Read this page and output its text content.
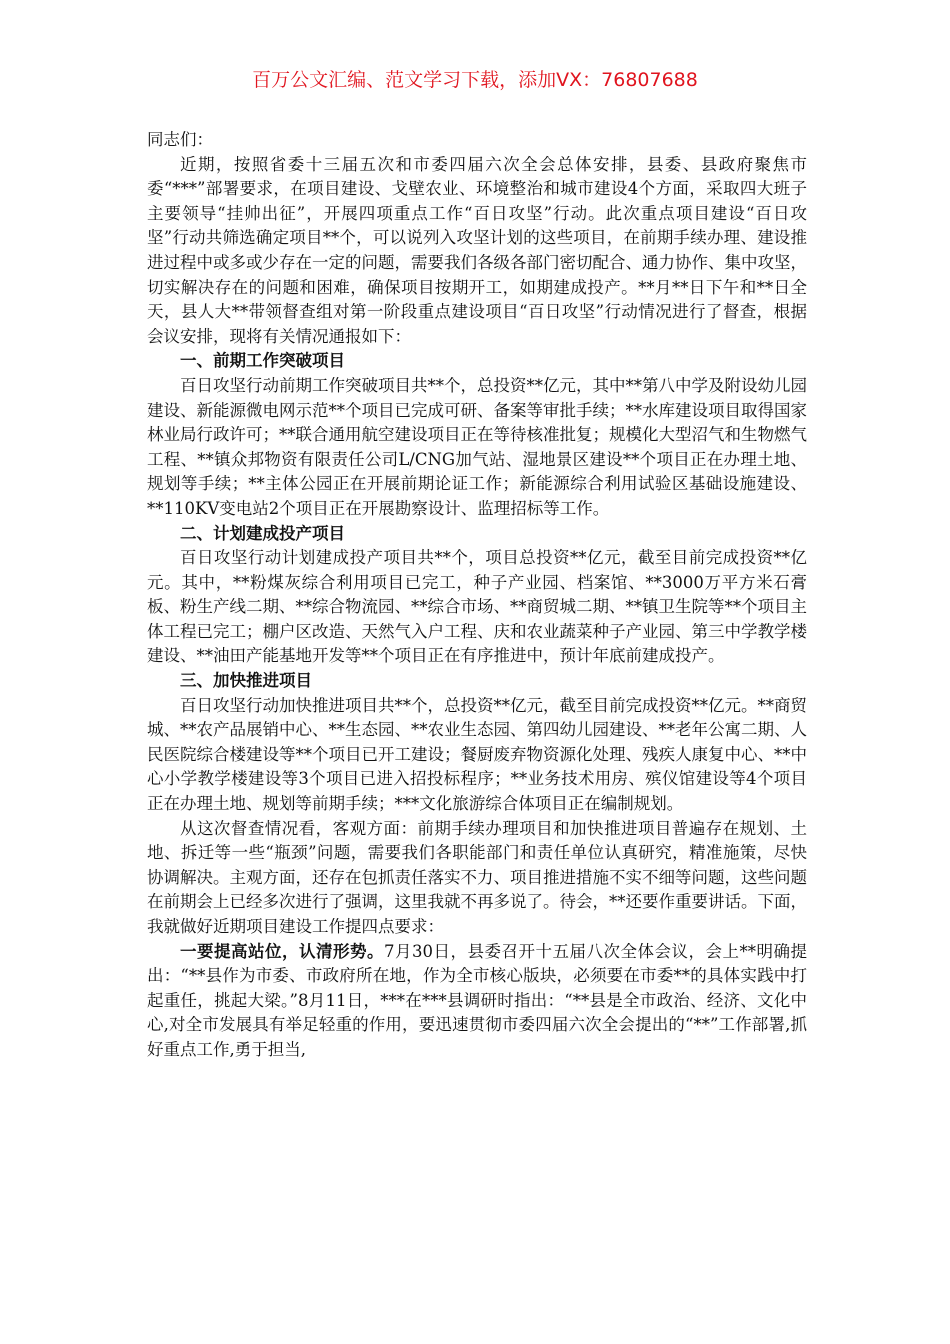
百万公文汇编、范文学习下载，添加VX：76807688

同志们：

近期，按照省委十三届五次和市委四届六次全会总体安排，县委、县政府聚焦市委“***”部署要求，在项目建设、戈壁农业、环境整治和城市建设4个方面，采取四大班子主要领导“挂帅出征”，开展四项重点工作“百日攻坚”行动。此次重点项目建设“百日攻坚”行动共筛选确定项目**个，可以说列入攻坚计划的这些项目，在前期手续办理、建设推进过程中或多或少存在一定的问题，需要我们各级各部门密切配合、通力协作、集中攻坚，切实解决存在的问题和困难，确保项目按期开工，如期建成投产。**月**日下午和**日全天，县人大**带领督查组对第一阶段重点建设项目“百日攻坚”行动情况进行了督查，根据会议安排，现将有关情况通报如下：

一、前期工作突破项目

百日攻坚行动前期工作突破项目共**个，总投资**亿元，其中**第八中学及附设幼儿园建设、新能源微电网示范**个项目已完成可研、备案等审批手续；**水库建设项目取得国家林业局行政许可；**联合通用航空建设项目正在等待核准批复；规模化大型沼气和生物燃气工程、**镇众邦物资有限责任公司L/CNG加气站、湿地景区建设**个项目正在办理土地、规划等手续；**主体公园正在开展前期论证工作；新能源综合利用试验区基础设施建设、**110KV变电站2个项目正在开展勘察设计、监理招标等工作。

二、计划建成投产项目

百日攻坚行动计划建成投产项目共**个，项目总投资**亿元，截至目前完成投资**亿元。其中，**粉煤灰综合利用项目已完工，种子产业园、档案馆、**3000万平方米石膏板、粉生产线二期、**综合物流园、**综合市场、**商贸城二期、**镇卫生院等**个项目主体工程已完工；棚户区改造、天然气入户工程、庆和农业蔬菜种子产业园、第三中学教学楼建设、**油田产能基地开发等**个项目正在有序推进中，预计年底前建成投产。

三、加快推进项目

百日攻坚行动加快推进项目共**个，总投资**亿元，截至目前完成投资**亿元。**商贸城、**农产品展销中心、**生态园、**农业生态园、第四幼儿园建设、**老年公寓二期、人民医院综合楼建设等**个项目已开工建设；餐厨废弃物资源化处理、残疾人康复中心、**中心小学教学楼建设等3个项目已进入招投标程序；**业务技术用房、殡仪馆建设等4个项目正在办理土地、规划等前期手续；***文化旅游综合体项目正在编制规划。

从这次督查情况看，客观方面：前期手续办理项目和加快推进项目普遍存在规划、土地、拆迁等一些“瓶颈”问题，需要我们各职能部门和责任单位认真研究，精准施策，尽快协调解决。主观方面，还存在包抓责任落实不力、项目推进措施不实不细等问题，这些问题在前期会上已经多次进行了强调，这里我就不再多说了。待会，**还要作重要讲话。下面，我就做好近期项目建设工作提四点要求：

一要提高站位，认清形势。7月30日，县委召开十五届八次全体会议，会上**明确提出：“**县作为市委、市政府所在地，作为全市核心版块，必须要在市委**的具体实践中打起重任，挑起大梁。”8月11日，***在***县调研时指出：“**县是全市政治、经济、文化中心,对全市发展具有举足轻重的作用，要迅速贯彻市委四届六次全会提出的“**”工作部署,抓好重点工作,勇于担当,
